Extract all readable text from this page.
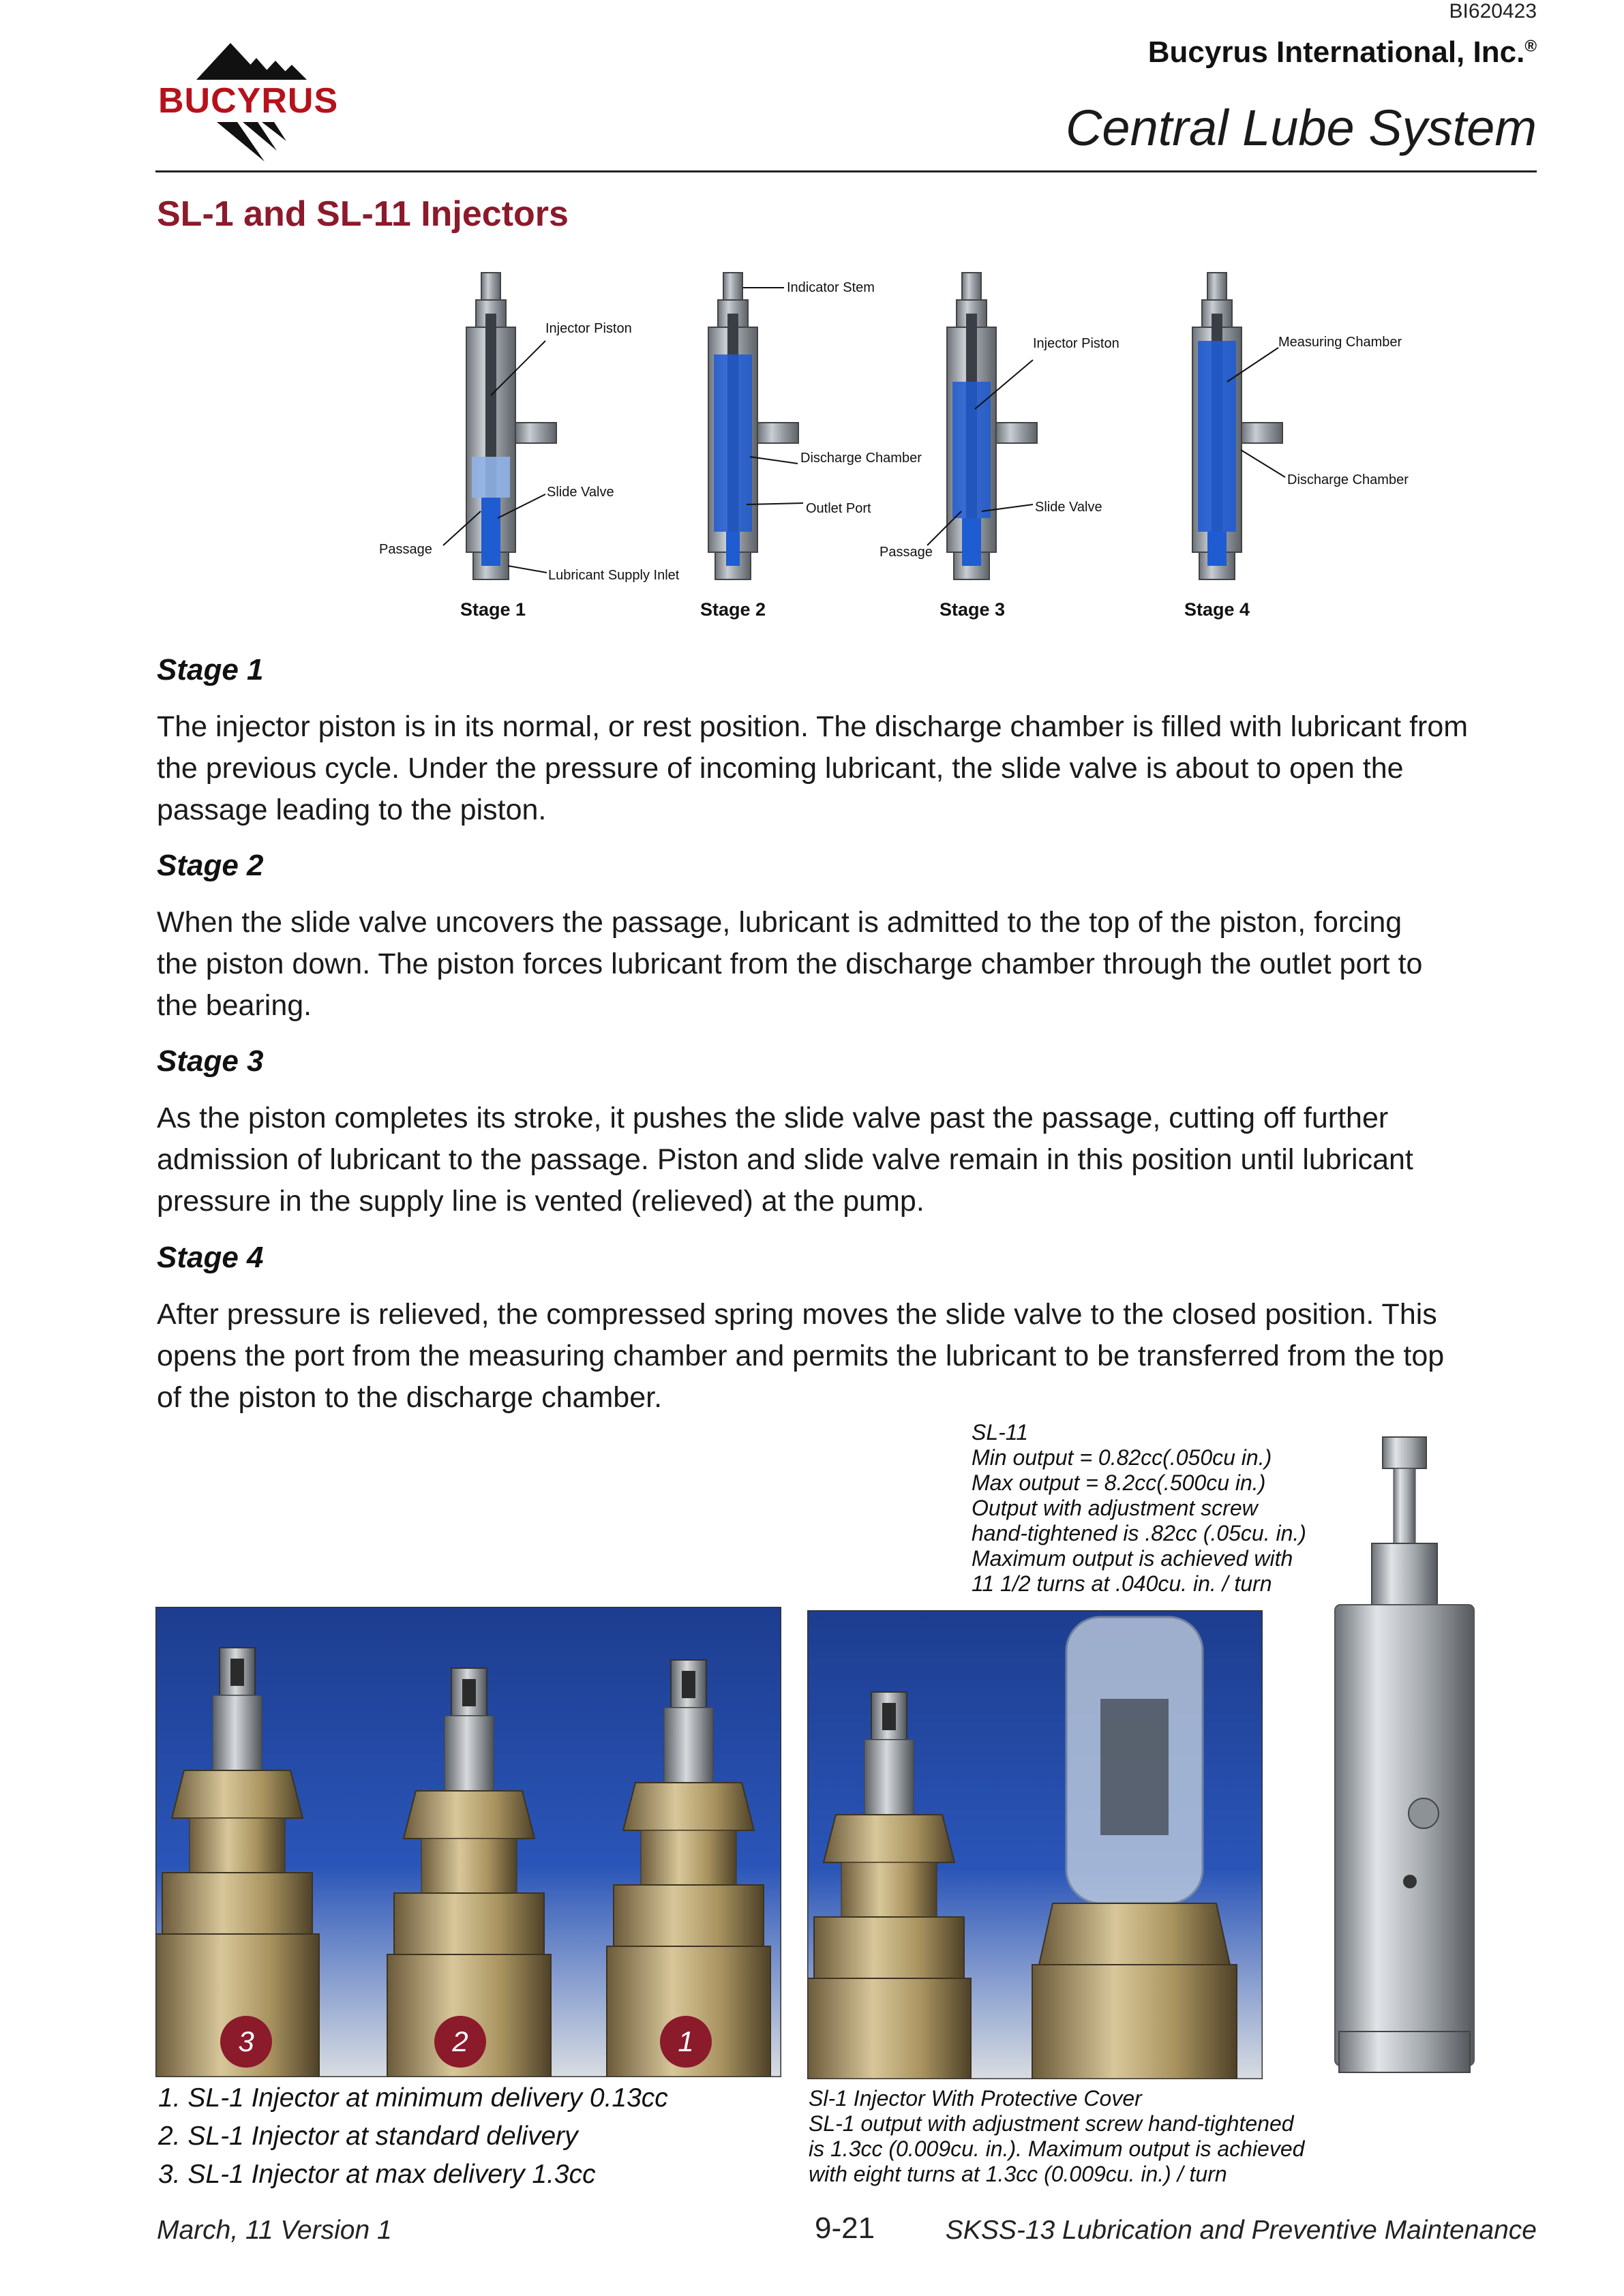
BUCYRUS
BI620423
Bucyrus International, Inc.®
Central Lube System
SL-1 and SL-11 Injectors
Injector Piston
Slide Valve
Passage
Lubricant Supply Inlet
Stage 1
Indicator Stem
Discharge Chamber
Outlet Port
Stage 2
Injector Piston
Slide Valve
Passage
Stage 3
Measuring Chamber
Discharge Chamber
Stage 4
Stage 1
The injector piston is in its normal, or rest position. The discharge chamber is filled with lubricant from
the previous cycle. Under the pressure of incoming lubricant, the slide valve is about to open the
passage leading to the piston.
Stage 2
When the slide valve uncovers the passage, lubricant is admitted to the top of the piston, forcing
the piston down. The piston forces lubricant from the discharge chamber through the outlet port to
the bearing.
Stage 3
As the piston completes its stroke, it pushes the slide valve past the passage, cutting off further
admission of lubricant to the passage. Piston and slide valve remain in this position until lubricant
pressure in the supply line is vented (relieved) at the pump.
Stage 4
After pressure is relieved, the compressed spring moves the slide valve to the closed position. This
opens the port from the measuring chamber and permits the lubricant to be transferred from the top
of the piston to the discharge chamber.
SL-11
Min output = 0.82cc(.050cu in.)
Max output = 8.2cc(.500cu in.)
Output with adjustment screw
hand-tightened is .82cc (.05cu. in.)
Maximum output is achieved with
11 1/2 turns at .040cu. in. / turn
3	2	1
1. SL-1 Injector at minimum delivery 0.13cc
2. SL-1 Injector at standard delivery
3. SL-1 Injector at max delivery 1.3cc
Sl-1 Injector With Protective Cover
SL-1 output with adjustment screw hand-tightened
is 1.3cc (0.009cu. in.). Maximum output is achieved
with eight turns at 1.3cc (0.009cu. in.) / turn
March, 11 Version 1	9-21	SKSS-13 Lubrication and Preventive Maintenance
